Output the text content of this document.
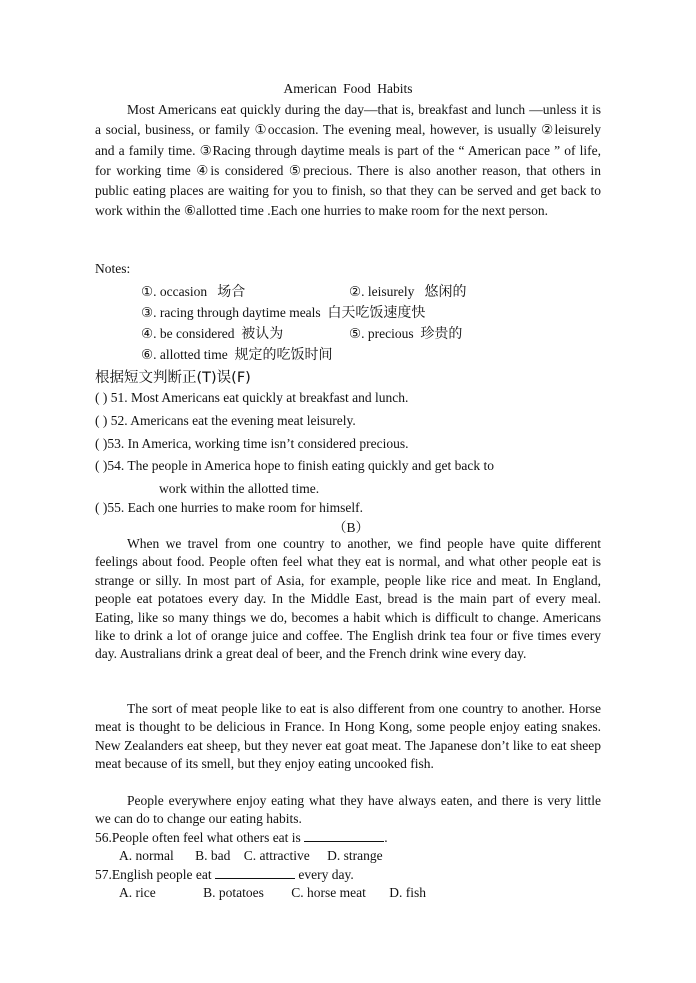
American Food Habits
Most Americans eat quickly during the day—that is, breakfast and lunch —unless it is a social, business, or family ①occasion. The evening meal, however, is usually ②leisurely and a family time. ③Racing through daytime meals is part of the “ American pace ” of life, for working time ④is considered ⑤precious. There is also another reason, that others in public eating places are waiting for you to finish, so that they can be served and get back to work within the ⑥allotted time .Each one hurries to make room for the next person.
Notes:
①. occasion 场合	②. leisurely 悠闲的
③. racing through daytime meals 白天吃饭速度快
④. be considered 被认为	⑤. precious 珍贵的
⑥. allotted time 规定的吃饭时间
根据短文判断正(T)误(F)
( ) 51. Most Americans eat quickly at breakfast and lunch.
( ) 52. Americans eat the evening meat leisurely.
( )53. In America, working time isn’t considered precious.
( )54. The people in America hope to finish eating quickly and get back to
work within the allotted time.
( )55. Each one hurries to make room for himself.
（B）
When we travel from one country to another, we find people have quite different feelings about food. People often feel what they eat is normal, and what other people eat is strange or silly. In most part of Asia, for example, people like rice and meat. In England, people eat potatoes every day. In the Middle East, bread is the main part of every meal. Eating, like so many things we do, becomes a habit which is difficult to change. Americans like to drink a lot of orange juice and coffee. The English drink tea four or five times every day. Australians drink a great deal of beer, and the French drink wine every day.
The sort of meat people like to eat is also different from one country to another. Horse meat is thought to be delicious in France. In Hong Kong, some people enjoy eating snakes. New Zealanders eat sheep, but they never eat goat meat. The Japanese don’t like to eat sheep meat because of its smell, but they enjoy eating uncooked fish.
People everywhere enjoy eating what they have always eaten, and there is very little we can do to change our eating habits.
56.People often feel what others eat is	.
A. normal B. bad C. attractive D. strange
57.English people eat	every day.
A. rice	B. potatoes C. horse meat D. fish
